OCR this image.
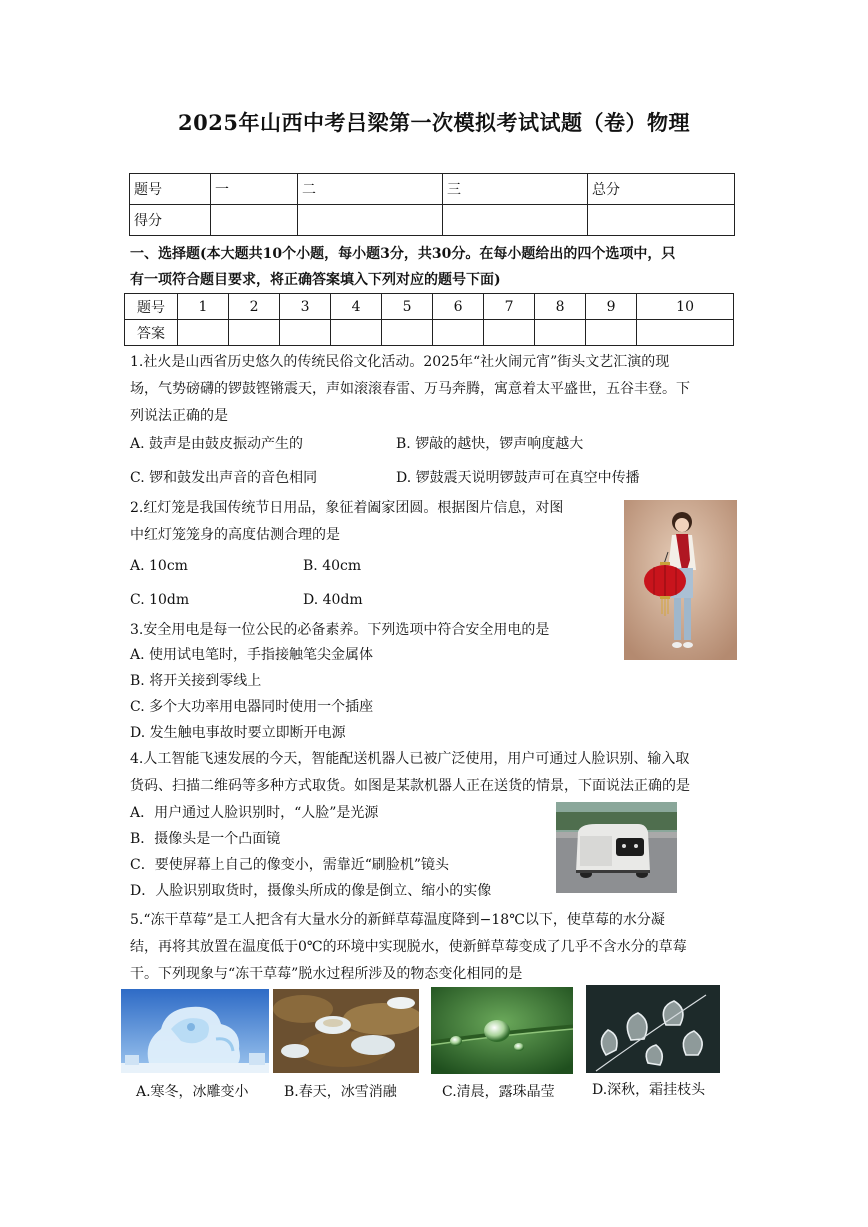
2025年山西中考吕梁第一次模拟考试试题（卷）物理
题号	一	二	三	总分
得分				
一、选择题(本大题共10个小题，每小题3分，共30分。在每小题给出的四个选项中，只
有一项符合题目要求，将正确答案填入下列对应的题号下面)
题号	1	2	3	4	5	6	7	8	9	10
答案										
1.社火是山西省历史悠久的传统民俗文化活动。2025年“社火闹元宵”街头文艺汇演的现
场，气势磅礴的锣鼓铿锵震天，声如滚滚春雷、万马奔腾，寓意着太平盛世，五谷丰登。下
列说法正确的是
A. 鼓声是由鼓皮振动产生的	B. 锣敲的越快，锣声响度越大
C. 锣和鼓发出声音的音色相同	D. 锣鼓震天说明锣鼓声可在真空中传播
2.红灯笼是我国传统节日用品，象征着阖家团圆。根据图片信息，对图
中红灯笼笼身的高度估测合理的是
A. 10cm	B. 40cm
C. 10dm	D. 40dm
3.安全用电是每一位公民的必备素养。下列选项中符合安全用电的是
A. 使用试电笔时，手指接触笔尖金属体
B. 将开关接到零线上
C. 多个大功率用电器同时使用一个插座
D. 发生触电事故时要立即断开电源
4.人工智能飞速发展的今天，智能配送机器人已被广泛使用，用户可通过人脸识别、输入取
货码、扫描二维码等多种方式取货。如图是某款机器人正在送货的情景，下面说法正确的是
A．用户通过人脸识别时，“人脸”是光源
B．摄像头是一个凸面镜
C．要使屏幕上自己的像变小，需靠近“刷脸机”镜头
D．人脸识别取货时，摄像头所成的像是倒立、缩小的实像
5.“冻干草莓”是工人把含有大量水分的新鲜草莓温度降到−18℃以下，使草莓的水分凝
结，再将其放置在温度低于0℃的环境中实现脱水，使新鲜草莓变成了几乎不含水分的草莓
干。下列现象与“冻干草莓”脱水过程所涉及的物态变化相同的是
A.寒冬，冰雕变小	B.春天，冰雪消融	C.清晨，露珠晶莹	D.深秋，霜挂枝头
